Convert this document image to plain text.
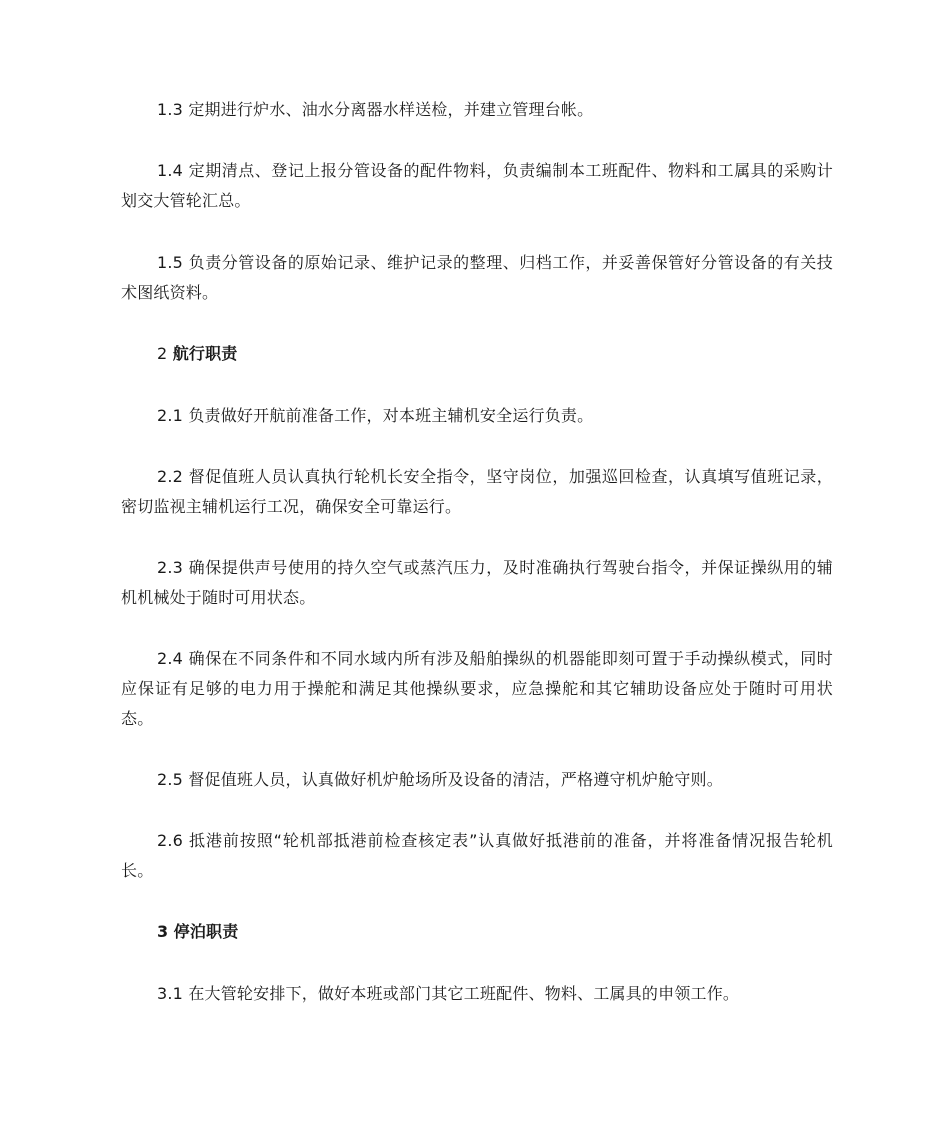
1.3 定期进行炉水、油水分离器水样送检，并建立管理台帐。

1.4 定期清点、登记上报分管设备的配件物料，负责编制本工班配件、物料和工属具的采购计划交大管轮汇总。

1.5 负责分管设备的原始记录、维护记录的整理、归档工作，并妥善保管好分管设备的有关技术图纸资料。

2 航行职责

2.1 负责做好开航前准备工作，对本班主辅机安全运行负责。

2.2 督促值班人员认真执行轮机长安全指令，坚守岗位，加强巡回检查，认真填写值班记录，密切监视主辅机运行工况，确保安全可靠运行。

2.3 确保提供声号使用的持久空气或蒸汽压力，及时准确执行驾驶台指令，并保证操纵用的辅机机械处于随时可用状态。

2.4 确保在不同条件和不同水域内所有涉及船舶操纵的机器能即刻可置于手动操纵模式，同时应保证有足够的电力用于操舵和满足其他操纵要求，应急操舵和其它辅助设备应处于随时可用状态。

2.5 督促值班人员，认真做好机炉舱场所及设备的清洁，严格遵守机炉舱守则。

2.6 抵港前按照“轮机部抵港前检查核定表”认真做好抵港前的准备，并将准备情况报告轮机长。

3 停泊职责

3.1 在大管轮安排下，做好本班或部门其它工班配件、物料、工属具的申领工作。
